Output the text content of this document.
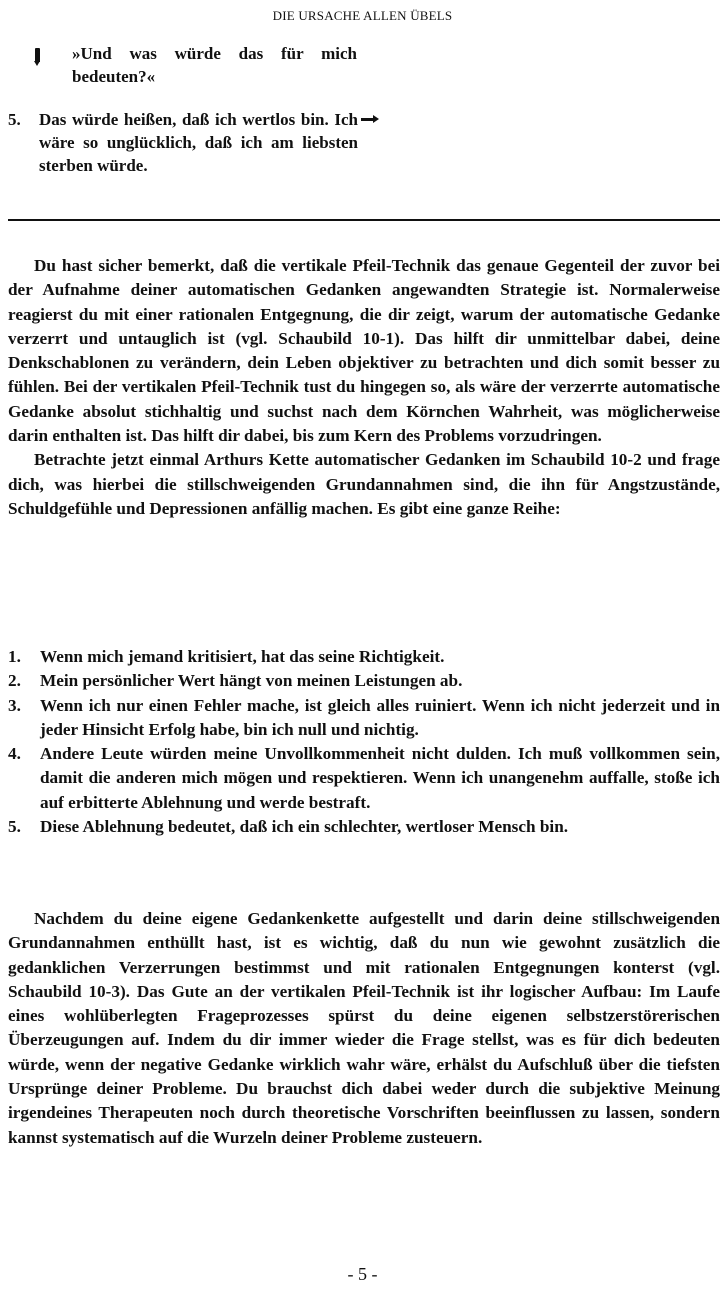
DIE URSACHE ALLEN ÜBELS
»Und was würde das für mich bedeuten?«
5. Das würde heißen, daß ich wertlos bin. Ich wäre so unglücklich, daß ich am liebsten sterben würde.

Du hast sicher bemerkt, daß die vertikale Pfeil-Technik das genaue Gegenteil der zuvor bei der Aufnahme deiner automatischen Gedanken angewandten Strategie ist. Normalerweise reagierst du mit einer rationalen Entgegnung, die dir zeigt, warum der automatische Gedanke verzerrt und untauglich ist (vgl. Schaubild 10-1). Das hilft dir unmittelbar dabei, deine Denkschablonen zu verändern, dein Leben objektiver zu betrachten und dich somit besser zu fühlen. Bei der vertikalen Pfeil-Technik tust du hingegen so, als wäre der verzerrte automatische Gedanke absolut stichhaltig und suchst nach dem Körnchen Wahrheit, was möglicherweise darin enthalten ist. Das hilft dir dabei, bis zum Kern des Problems vorzudringen.

Betrachte jetzt einmal Arthurs Kette automatischer Gedanken im Schaubild 10-2 und frage dich, was hierbei die stillschweigenden Grundannahmen sind, die ihn für Angstzustände, Schuldgefühle und Depressionen anfällig machen. Es gibt eine ganze Reihe:

1. Wenn mich jemand kritisiert, hat das seine Richtigkeit.
2. Mein persönlicher Wert hängt von meinen Leistungen ab.
3. Wenn ich nur einen Fehler mache, ist gleich alles ruiniert. Wenn ich nicht jederzeit und in jeder Hinsicht Erfolg habe, bin ich null und nichtig.
4. Andere Leute würden meine Unvollkommenheit nicht dulden. Ich muß vollkommen sein, damit die anderen mich mögen und respektieren. Wenn ich unangenehm auffalle, stoße ich auf erbitterte Ablehnung und werde bestraft.
5. Diese Ablehnung bedeutet, daß ich ein schlechter, wertloser Mensch bin.

Nachdem du deine eigene Gedankenkette aufgestellt und darin deine stillschweigenden Grundannahmen enthüllt hast, ist es wichtig, daß du nun wie gewohnt zusätzlich die gedanklichen Verzerrungen bestimmst und mit rationalen Entgegnungen konterst (vgl. Schaubild 10-3). Das Gute an der vertikalen Pfeil-Technik ist ihr logischer Aufbau: Im Laufe eines wohlüberlegten Frageprozesses spürst du deine eigenen selbstzerstörerischen Überzeugungen auf. Indem du dir immer wieder die Frage stellst, was es für dich bedeuten würde, wenn der negative Gedanke wirklich wahr wäre, erhälst du Aufschluß über die tiefsten Ursprünge deiner Probleme. Du brauchst dich dabei weder durch die subjektive Meinung irgendeines Therapeuten noch durch theoretische Vorschriften beeinflussen zu lassen, sondern kannst systematisch auf die Wurzeln deiner Probleme zusteuern.

- 5 -
